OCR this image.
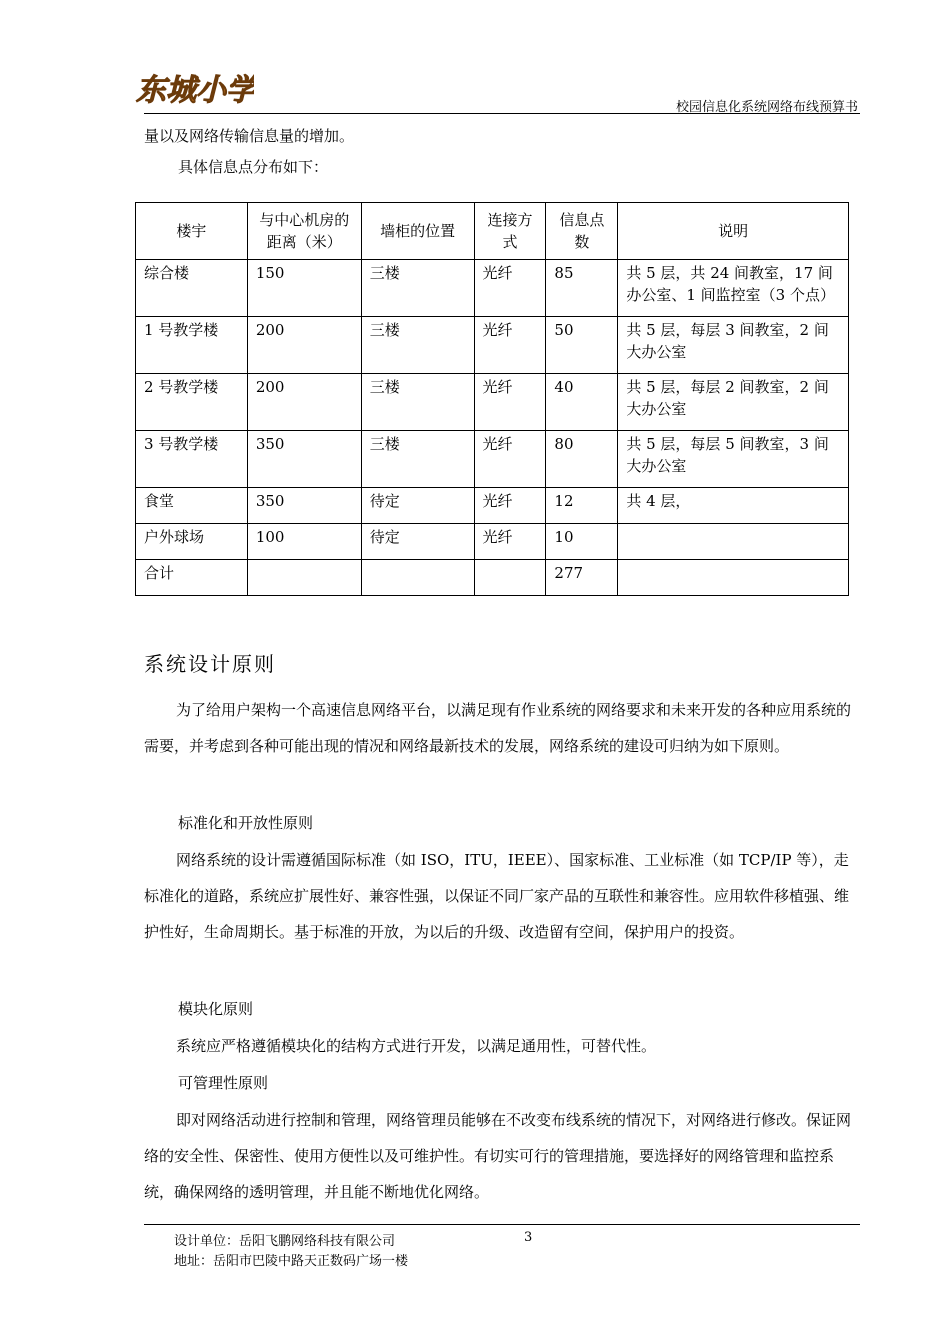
东城小学	校园信息化系统网络布线预算书
量以及网络传输信息量的增加。
具体信息点分布如下：
楼宇	与中心机房的距离（米）	墙柜的位置	连接方式	信息点数	说明
综合楼	150	三楼	光纤	85	共 5 层，共 24 间教室，17 间办公室、1 间监控室（3 个点）
1 号教学楼	200	三楼	光纤	50	共 5 层，每层 3 间教室，2 间大办公室
2 号教学楼	200	三楼	光纤	40	共 5 层，每层 2 间教室，2 间大办公室
3 号教学楼	350	三楼	光纤	80	共 5 层，每层 5 间教室，3 间大办公室
食堂	350	待定	光纤	12	共 4 层，
户外球场	100	待定	光纤	10	
合计				277	
系统设计原则
为了给用户架构一个高速信息网络平台，以满足现有作业系统的网络要求和未来开发的各种应用系统的需要，并考虑到各种可能出现的情况和网络最新技术的发展，网络系统的建设可归纳为如下原则。
标准化和开放性原则
网络系统的设计需遵循国际标准（如 ISO，ITU，IEEE）、国家标准、工业标准（如 TCP/IP 等），走标准化的道路，系统应扩展性好、兼容性强，以保证不同厂家产品的互联性和兼容性。应用软件移植强、维护性好，生命周期长。基于标准的开放，为以后的升级、改造留有空间，保护用户的投资。
模块化原则
系统应严格遵循模块化的结构方式进行开发，以满足通用性，可替代性。
可管理性原则
即对网络活动进行控制和管理，网络管理员能够在不改变布线系统的情况下，对网络进行修改。保证网络的安全性、保密性、使用方便性以及可维护性。有切实可行的管理措施，要选择好的网络管理和监控系统，确保网络的透明管理，并且能不断地优化网络。
设计单位：岳阳飞鹏网络科技有限公司	3
地址：岳阳市巴陵中路天正数码广场一楼
